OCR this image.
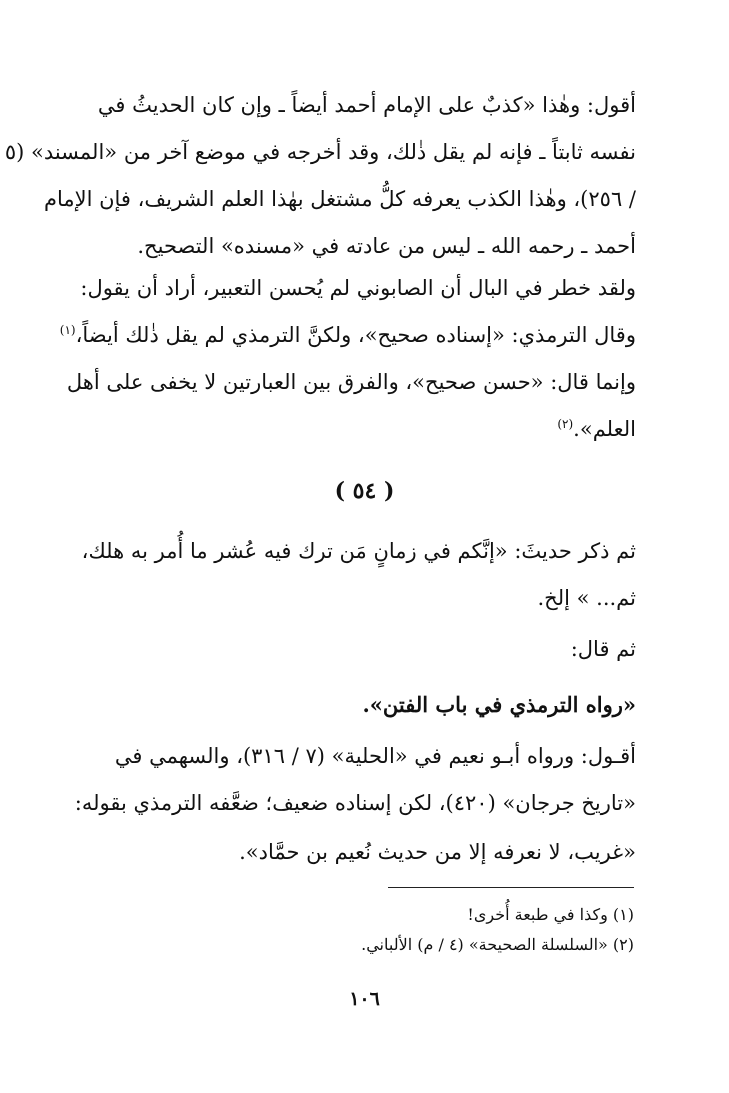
أقول: وهٰذا «كذبٌ على الإمام أحمد أيضاً ـ وإن كان الحديثُ في
نفسه ثابتاً ـ فإنه لم يقل ذٰلك، وقد أخرجه في موضع آخر من «المسند» (٥
/ ٢٥٦)، وهٰذا الكذب يعرفه كلُّ مشتغل بهٰذا العلم الشريف، فإن الإمام
أحمد ـ رحمه الله ـ ليس من عادته في «مسنده» التصحيح.

ولقد خطر في البال أن الصابوني لم يُحسن التعبير، أراد أن يقول:
وقال الترمذي: «إسناده صحيح»، ولكنَّ الترمذي لم يقل ذٰلك أيضاً،$^{(١)}$
وإنما قال: «حسن صحيح»، والفرق بين العبارتين لا يخفى على أهل
العلم».$^{(٢)}$

( ٥٤ )

ثم ذكر حديثَ: «إنَّكم في زمانٍ مَن ترك فيه عُشر ما أُمر به هلك،
ثم... » إلخ.

ثم قال:

«رواه الترمذي في باب الفتن».

أقـول: ورواه أبـو نعيم في «الحلية» (٧ / ٣١٦)، والسهمي في
«تاريخ جرجان» (٤٢٠)، لكن إسناده ضعيف؛ ضعَّفه الترمذي بقوله:

«غريب، لا نعرفه إلا من حديث نُعيم بن حمَّاد».

(١) وكذا في طبعة أُخرى!
(٢) «السلسلة الصحيحة» (٤ / م) الألباني.
١٠٦
